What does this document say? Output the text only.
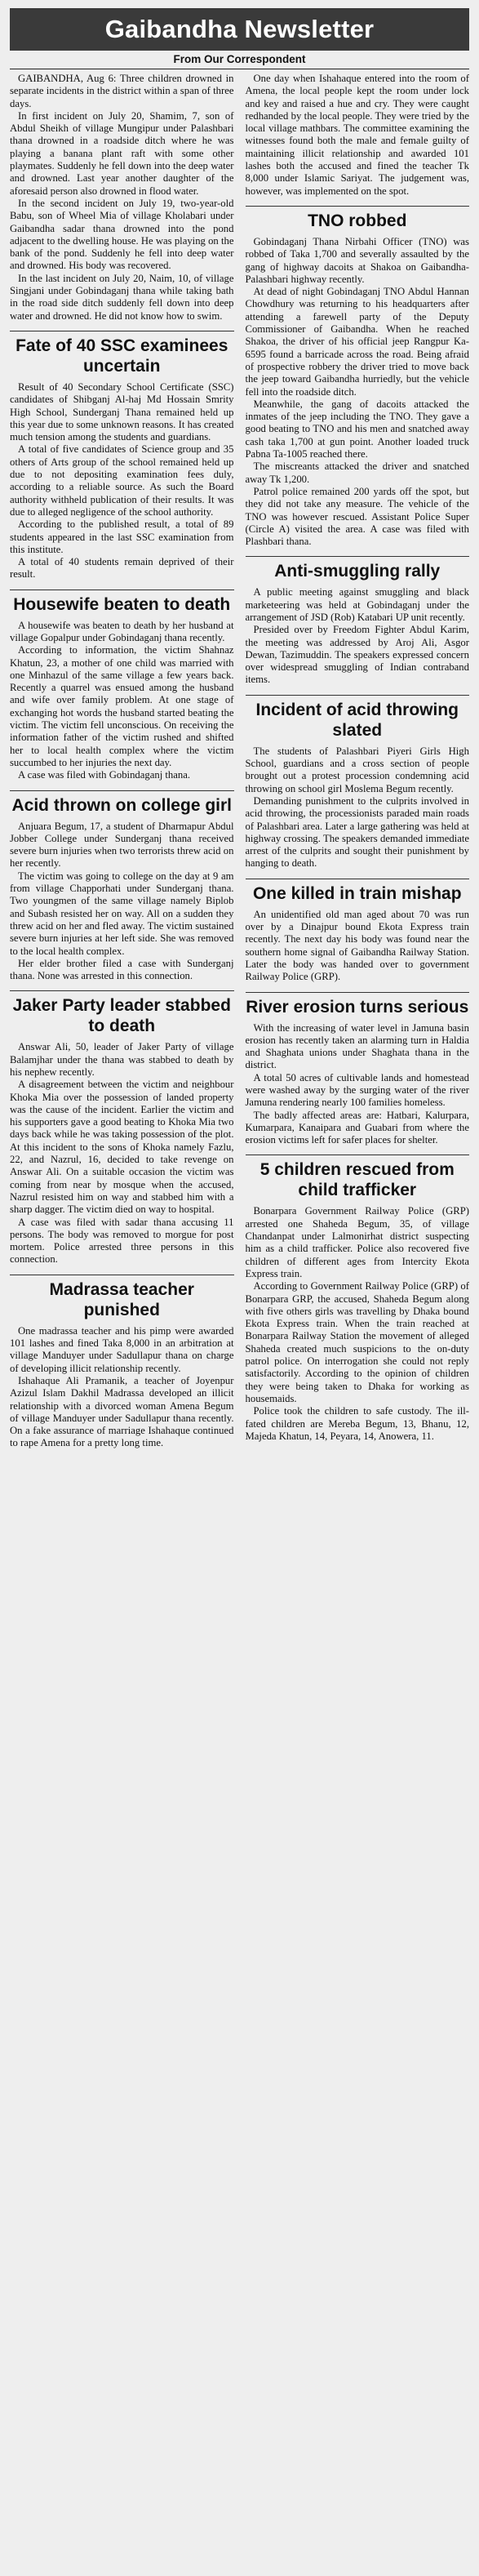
Gaibandha Newsletter
From Our Correspondent

GAIBANDHA, Aug 6: Three children drowned in separate incidents in the district within a span of three days.

In first incident on July 20, Shamim, 7, son of Abdul Sheikh of village Mungipur under Palashbari thana drowned in a roadside ditch where he was playing a banana plant raft with some other playmates. Suddenly he fell down into the deep water and drowned. Last year another daughter of the aforesaid person also drowned in flood water.

In the second incident on July 19, two-year-old Babu, son of Wheel Mia of village Kholabari under Gaibandha sadar thana drowned into the pond adjacent to the dwelling house. He was playing on the bank of the pond. Suddenly he fell into deep water and drowned. His body was recovered.

In the last incident on July 20, Naim, 10, of village Singjani under Gobindaganj thana while taking bath in the road side ditch suddenly fell down into deep water and drowned. He did not know how to swim.

Fate of 40 SSC examinees uncertain

Result of 40 Secondary School Certificate (SSC) candidates of Shibganj Al-haj Md Hossain Smrity High School, Sunderganj Thana remained held up this year due to some unknown reasons. It has created much tension among the students and guardians.

A total of five candidates of Science group and 35 others of Arts group of the school remained held up due to not depositing examination fees duly, according to a reliable source. As such the Board authority withheld publication of their results. It was due to alleged negligence of the school authority.

According to the published result, a total of 89 students appeared in the last SSC examination from this institute.

A total of 40 students remain deprived of their result.

Housewife beaten to death

A housewife was beaten to death by her husband at village Gopalpur under Gobindaganj thana recently.

According to information, the victim Shahnaz Khatun, 23, a mother of one child was married with one Minhazul of the same village a few years back. Recently a quarrel was ensued among the husband and wife over family problem. At one stage of exchanging hot words the husband started beating the victim. The victim fell unconscious. On receiving the information father of the victim rushed and shifted her to local health complex where the victim succumbed to her injuries the next day.

A case was filed with Gobindaganj thana.

Acid thrown on college girl

Anjuara Begum, 17, a student of Dharmapur Abdul Jobber College under Sunderganj thana received severe burn injuries when two terrorists threw acid on her recently.

The victim was going to college on the day at 9 am from village Chapporhati under Sunderganj thana. Two youngmen of the same village namely Biplob and Subash resisted her on way. All on a sudden they threw acid on her and fled away. The victim sustained severe burn injuries at her left side. She was removed to the local health complex.

Her elder brother filed a case with Sunderganj thana. None was arrested in this connection.

Jaker Party leader stabbed to death

Answar Ali, 50, leader of Jaker Party of village Balamjhar under the thana was stabbed to death by his nephew recently.

A disagreement between the victim and neighbour Khoka Mia over the possession of landed property was the cause of the incident. Earlier the victim and his supporters gave a good beating to Khoka Mia two days back while he was taking possession of the plot. At this incident to the sons of Khoka namely Fazlu, 22, and Nazrul, 16, decided to take revenge on Answar Ali. On a suitable occasion the victim was coming from near by mosque when the accused, Nazrul resisted him on way and stabbed him with a sharp dagger. The victim died on way to hospital.

A case was filed with sadar thana accusing 11 persons. The body was removed to morgue for post mortem. Police arrested three persons in this connection.

Madrassa teacher punished

One madrassa teacher and his pimp were awarded 101 lashes and fined Taka 8,000 in an arbitration at village Manduyer under Sadullapur thana on charge of developing illicit relationship recently.

Ishahaque Ali Pramanik, a teacher of Joyenpur Azizul Islam Dakhil Madrassa developed an illicit relationship with a divorced woman Amena Begum of village Manduyer under Sadullapur thana recently. On a fake assurance of marriage Ishahaque continued to rape Amena for a pretty long time.

One day when Ishahaque entered into the room of Amena, the local people kept the room under lock and key and raised a hue and cry. They were caught redhanded by the local people. They were tried by the local village mathbars. The committee examining the witnesses found both the male and female guilty of maintaining illicit relationship and awarded 101 lashes both the accused and fined the teacher Tk 8,000 under Islamic Sariyat. The judgement was, however, was implemented on the spot.

TNO robbed

Gobindaganj Thana Nirbahi Officer (TNO) was robbed of Taka 1,700 and severally assaulted by the gang of highway dacoits at Shakoa on Gaibandha-Palashbari highway recently.

At dead of night Gobindaganj TNO Abdul Hannan Chowdhury was returning to his headquarters after attending a farewell party of the Deputy Commissioner of Gaibandha. When he reached Shakoa, the driver of his official jeep Rangpur Ka-6595 found a barricade across the road. Being afraid of prospective robbery the driver tried to move back the jeep toward Gaibandha hurriedly, but the vehicle fell into the roadside ditch.

Meanwhile, the gang of dacoits attacked the inmates of the jeep including the TNO. They gave a good beating to TNO and his men and snatched away cash taka 1,700 at gun point. Another loaded truck Pabna Ta-1005 reached there.

The miscreants attacked the driver and snatched away Tk 1,200.

Patrol police remained 200 yards off the spot, but they did not take any measure. The vehicle of the TNO was however rescued. Assistant Police Super (Circle A) visited the area. A case was filed with Plashbari thana.

Anti-smuggling rally

A public meeting against smuggling and black marketeering was held at Gobindaganj under the arrangement of JSD (Rob) Katabari UP unit recently.

Presided over by Freedom Fighter Abdul Karim, the meeting was addressed by Aroj Ali, Asgor Dewan, Tazimuddin. The speakers expressed concern over widespread smuggling of Indian contraband items.

Incident of acid throwing slated

The students of Palashbari Piyeri Girls High School, guardians and a cross section of people brought out a protest procession condemning acid throwing on school girl Moslema Begum recently.

Demanding punishment to the culprits involved in acid throwing, the processionists paraded main roads of Palashbari area. Later a large gathering was held at highway crossing. The speakers demanded immediate arrest of the culprits and sought their punishment by hanging to death.

One killed in train mishap

An unidentified old man aged about 70 was run over by a Dinajpur bound Ekota Express train recently. The next day his body was found near the southern home signal of Gaibandha Railway Station. Later the body was handed over to government Railway Police (GRP).

River erosion turns serious

With the increasing of water level in Jamuna basin erosion has recently taken an alarming turn in Haldia and Shaghata unions under Shaghata thana in the district.

A total 50 acres of cultivable lands and homestead were washed away by the surging water of the river Jamuna rendering nearly 100 families homeless.

The badly affected areas are: Hatbari, Kalurpara, Kumarpara, Kanaipara and Guabari from where the erosion victims left for safer places for shelter.

5 children rescued from child trafficker

Bonarpara Government Railway Police (GRP) arrested one Shaheda Begum, 35, of village Chandanpat under Lalmonirhat district suspecting him as a child trafficker. Police also recovered five children of different ages from Intercity Ekota Express train.

According to Government Railway Police (GRP) of Bonarpara GRP, the accused, Shaheda Begum along with five others girls was travelling by Dhaka bound Ekota Express train. When the train reached at Bonarpara Railway Station the movement of alleged Shaheda created much suspicions to the on-duty patrol police. On interrogation she could not reply satisfactorily. According to the opinion of children they were being taken to Dhaka for working as housemaids.

Police took the children to safe custody. The ill-fated children are Mereba Begum, 13, Bhanu, 12, Majeda Khatun, 14, Peyara, 14, Anowera, 11.
